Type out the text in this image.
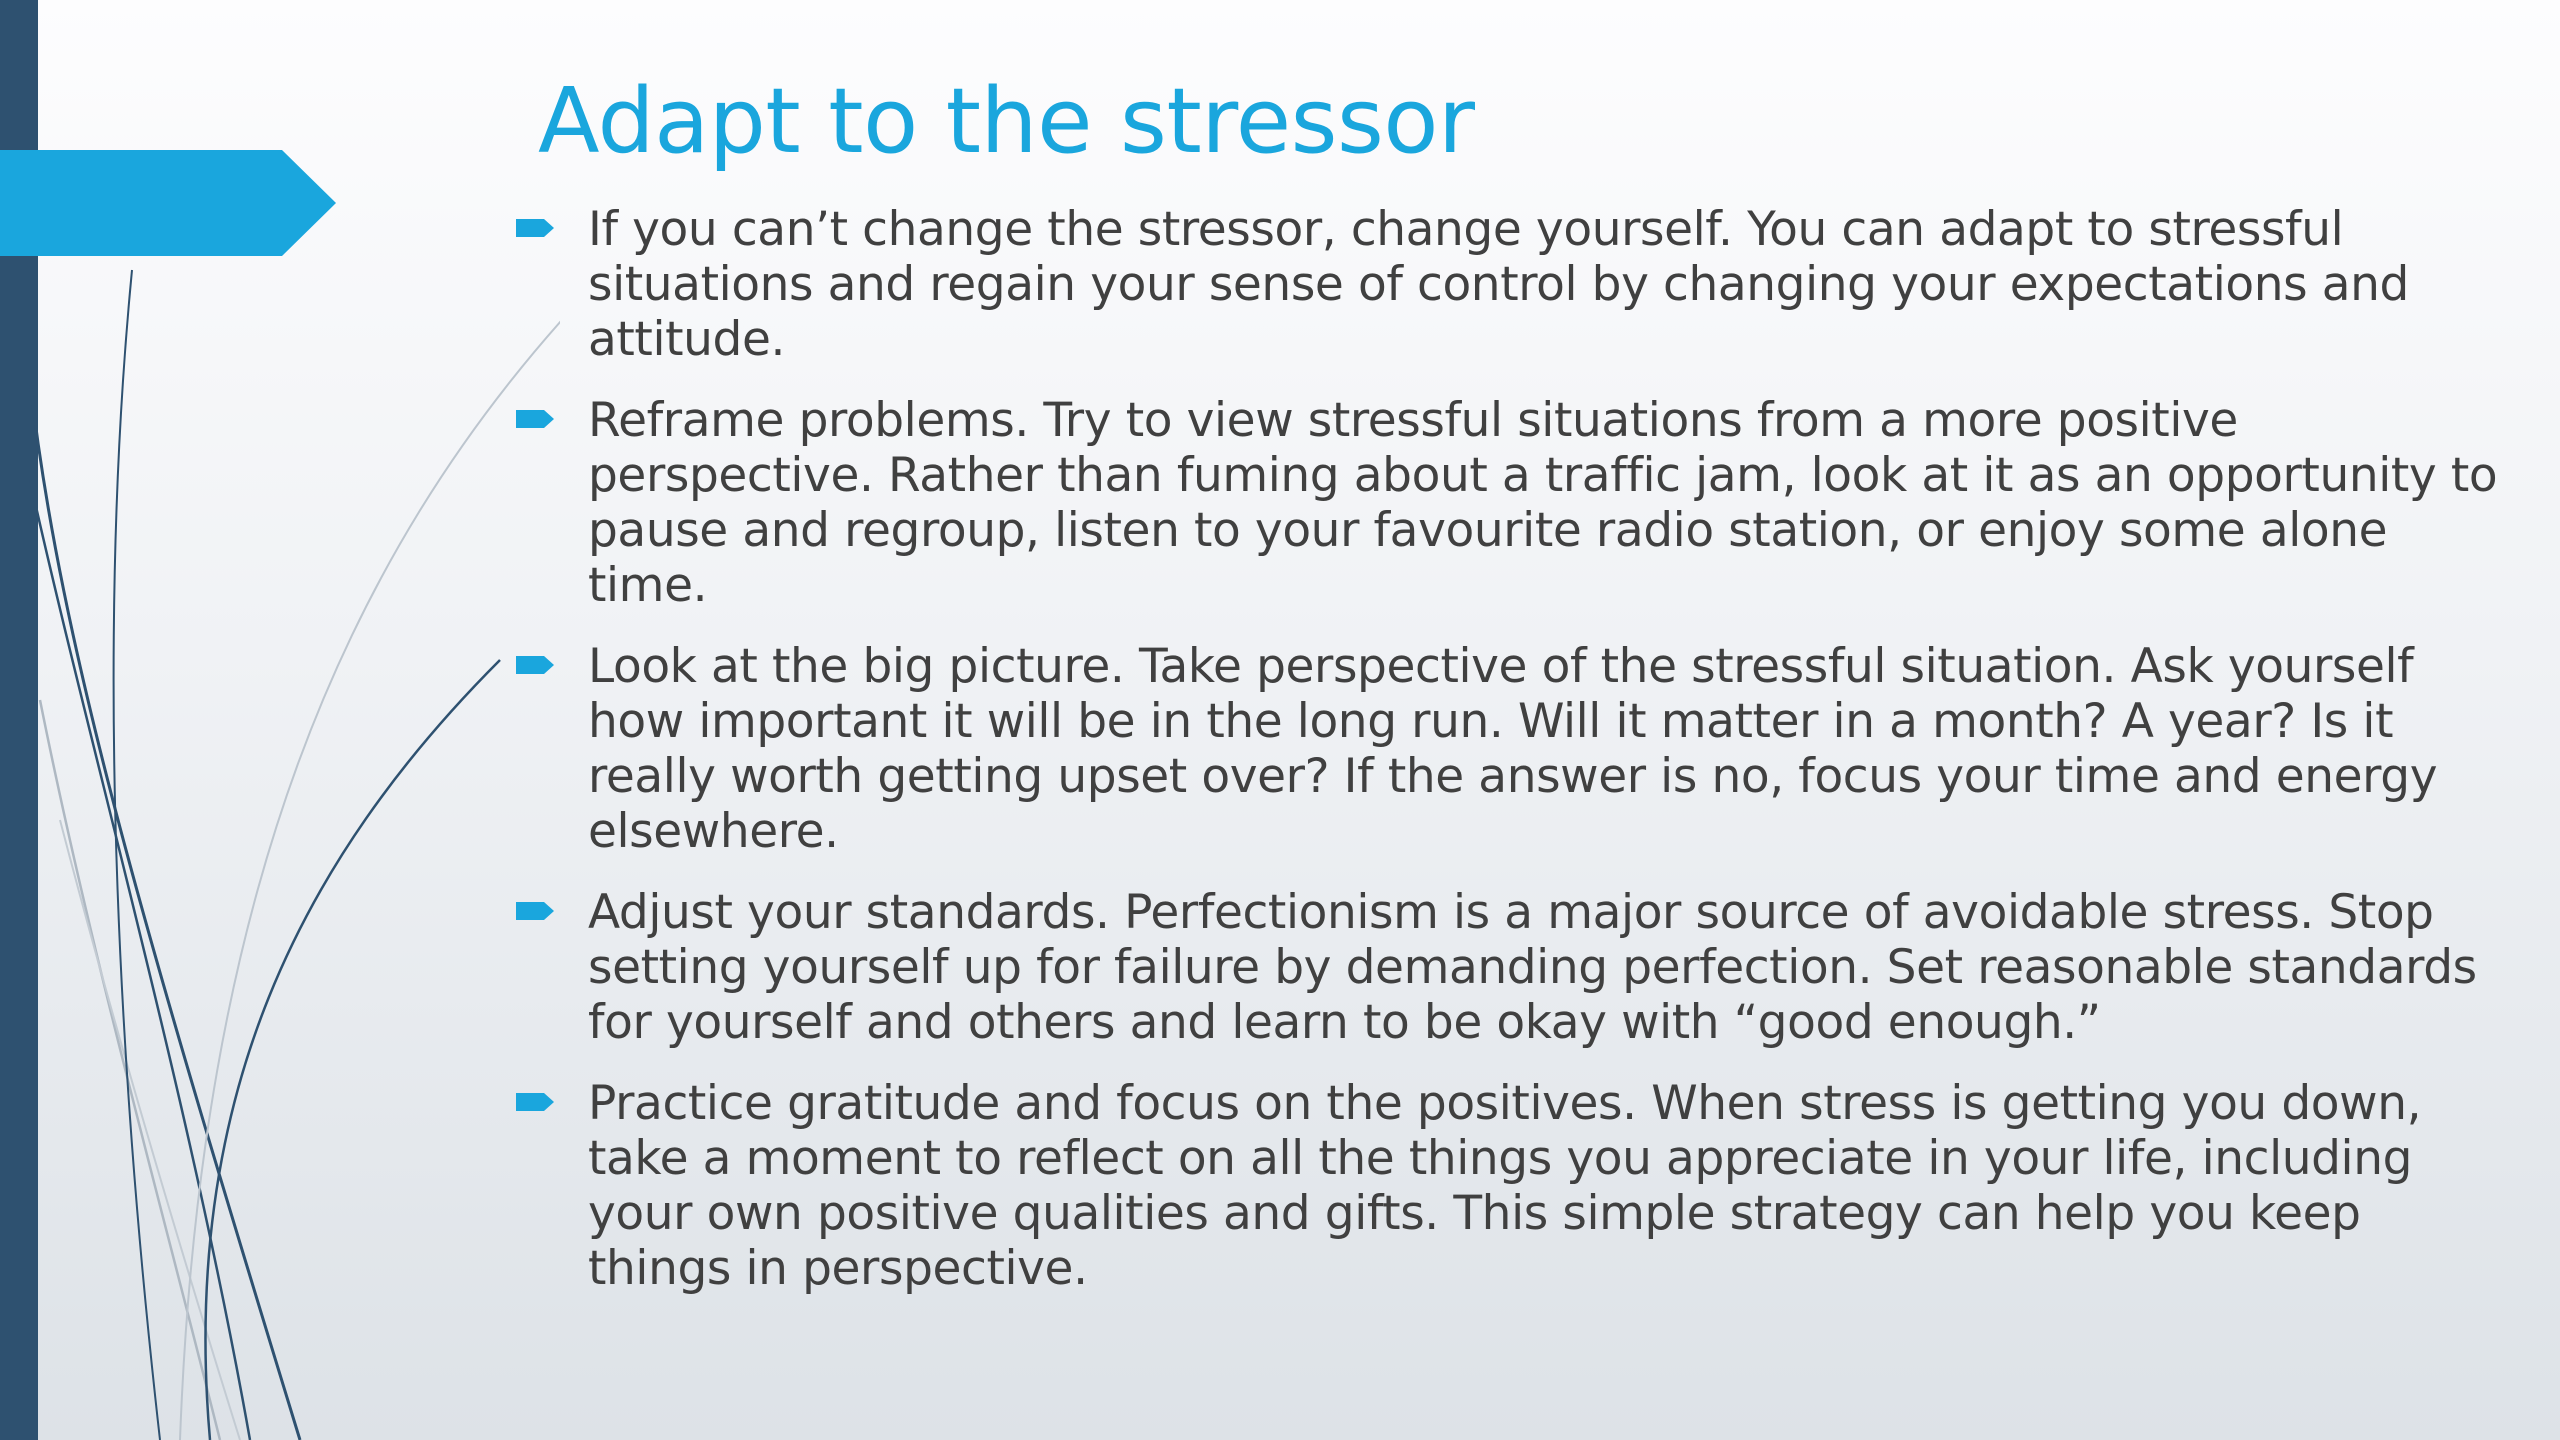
Adapt to the stressor
If you can’t change the stressor, change yourself. You can adapt to stressful situations and regain your sense of control by changing your expectations and attitude.
Reframe problems. Try to view stressful situations from a more positive perspective. Rather than fuming about a traffic jam, look at it as an opportunity to pause and regroup, listen to your favourite radio station, or enjoy some alone time.
Look at the big picture. Take perspective of the stressful situation. Ask yourself how important it will be in the long run. Will it matter in a month? A year? Is it really worth getting upset over? If the answer is no, focus your time and energy elsewhere.
Adjust your standards. Perfectionism is a major source of avoidable stress. Stop setting yourself up for failure by demanding perfection. Set reasonable standards for yourself and others and learn to be okay with “good enough.”
Practice gratitude and focus on the positives. When stress is getting you down, take a moment to reflect on all the things you appreciate in your life, including your own positive qualities and gifts. This simple strategy can help you keep things in perspective.
